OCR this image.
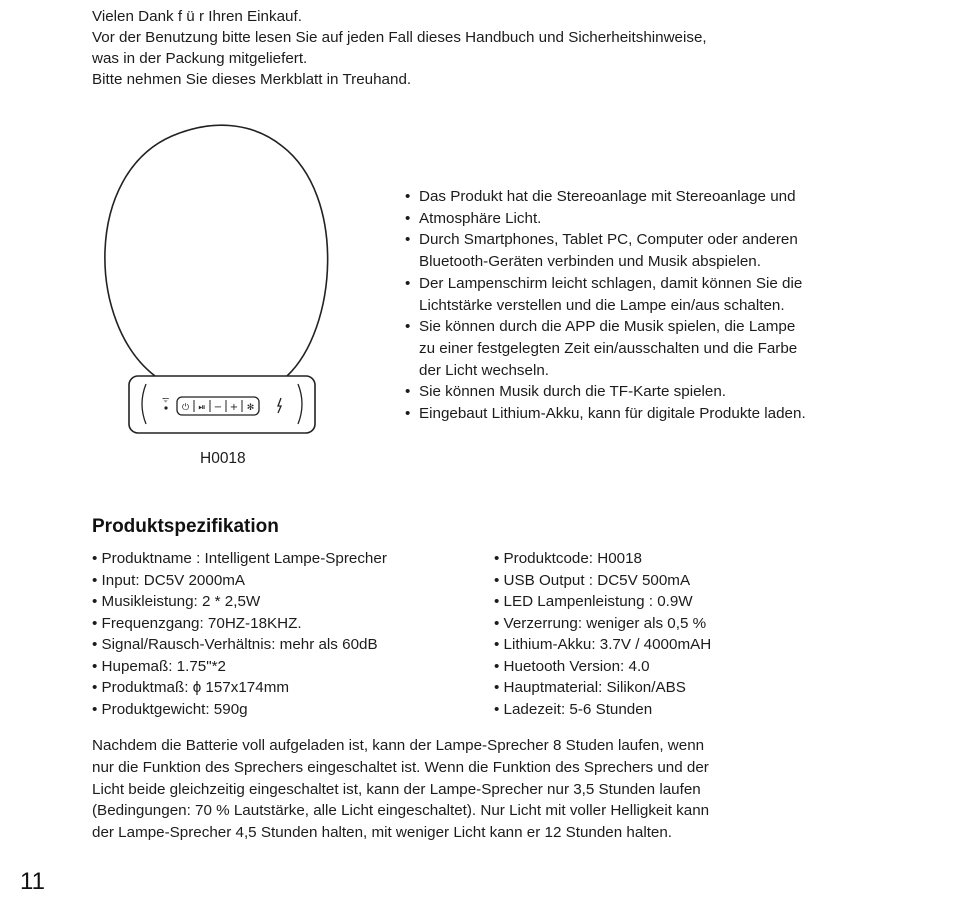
Vielen Dank f ü r Ihren Einkauf.
Vor der Benutzung bitte lesen Sie auf jeden Fall dieses Handbuch und Sicherheitshinweise,
was in der Packung mitgeliefert.
Bitte nehmen Sie dieses Merkblatt in Treuhand.
ᯤ
⏻ ⏯ − + ✻
H0018
• Das Produkt hat die Stereoanlage mit Stereoanlage und
• Atmosphäre Licht.
• Durch Smartphones, Tablet PC, Computer oder anderen
Bluetooth-Geräten verbinden und Musik abspielen.
• Der Lampenschirm leicht schlagen, damit können Sie die
Lichtstärke verstellen und die Lampe ein/aus schalten.
• Sie können durch die APP die Musik spielen, die Lampe
zu einer festgelegten Zeit ein/ausschalten und die Farbe
der Licht wechseln.
• Sie können Musik durch die TF-Karte spielen.
• Eingebaut Lithium-Akku, kann für digitale Produkte laden.
Produktspezifikation
• Produktname : Intelligent Lampe-Sprecher	• Produktcode: H0018
• Input: DC5V 2000mA	• USB Output : DC5V 500mA
• Musikleistung: 2 * 2,5W	• LED Lampenleistung : 0.9W
• Frequenzgang: 70HZ-18KHZ.	• Verzerrung: weniger als 0,5 %
• Signal/Rausch-Verhältnis: mehr als 60dB	• Lithium-Akku: 3.7V / 4000mAH
• Hupemaß: 1.75"*2	• Huetooth Version: 4.0
• Produktmaß: ϕ 157x174mm	• Hauptmaterial: Silikon/ABS
• Produktgewicht: 590g	• Ladezeit: 5-6 Stunden
Nachdem die Batterie voll aufgeladen ist, kann der Lampe-Sprecher 8 Studen laufen, wenn
nur die Funktion des Sprechers eingeschaltet ist. Wenn die Funktion des Sprechers und der
Licht beide gleichzeitig eingeschaltet ist, kann der Lampe-Sprecher nur 3,5 Stunden laufen
(Bedingungen: 70 % Lautstärke, alle Licht eingeschaltet). Nur Licht mit voller Helligkeit kann
der Lampe-Sprecher 4,5 Stunden halten, mit weniger Licht kann er 12 Stunden halten.
11
